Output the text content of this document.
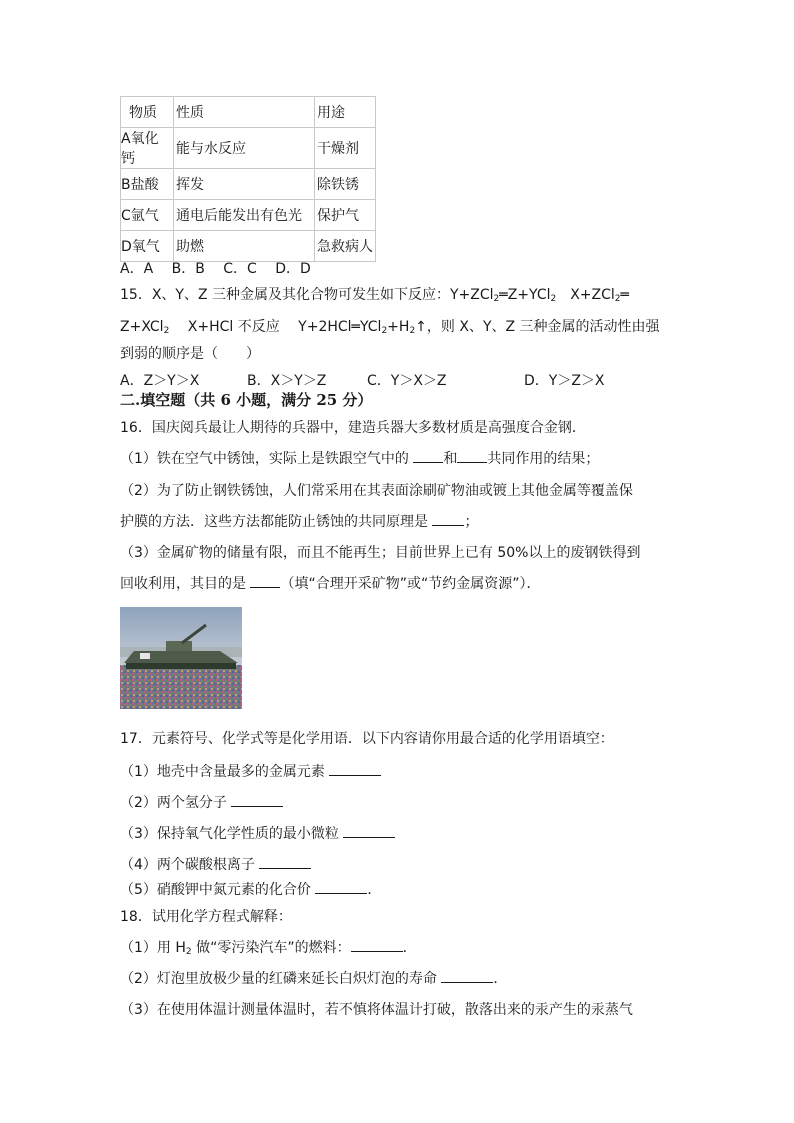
物质	性质	用途
A氧化钙	能与水反应	干燥剂
B盐酸	挥发	除铁锈
C氩气	通电后能发出有色光	保护气
D氧气	助燃	急救病人
A．A　 B．B　 C．C　 D．D
15．X、Y、Z 三种金属及其化合物可发生如下反应：Y+ZCl$_2$═Z+YCl$_2$　X+ZCl$_2$═
Z+XCl$_2$　 X+HCl 不反应　 $Y+2HCl═YCl_2+H_2↑$，则 X、Y、Z 三种金属的活动性由强
到弱的顺序是（　　）
A．Z＞Y＞X	B．X＞Y＞Z	C．Y＞X＞Z	D．Y＞Z＞X
二.填空题（共 6 小题，满分 25 分）
16．国庆阅兵最让人期待的兵器中，建造兵器大多数材质是高强度合金钢．
（1）铁在空气中锈蚀，实际上是铁跟空气中的 和 共同作用的结果；
（2）为了防止钢铁锈蚀，人们常采用在其表面涂刷矿物油或镀上其他金属等覆盖保
护膜的方法．这些方法都能防止锈蚀的共同原理是 ；
（3）金属矿物的储量有限，而且不能再生；目前世界上已有 50%以上的废钢铁得到
回收利用，其目的是 （填“合理开采矿物”或“节约金属资源”）．
17．元素符号、化学式等是化学用语．以下内容请你用最合适的化学用语填空：
（1）地壳中含量最多的金属元素
（2）两个氢分子
（3）保持氧气化学性质的最小微粒
（4）两个碳酸根离子
（5）硝酸钾中氮元素的化合价	．
18．试用化学方程式解释：
（1）用 $H_2$ 做“零污染汽车”的燃料：	．
（2）灯泡里放极少量的红磷来延长白炽灯泡的寿命	．
（3）在使用体温计测量体温时，若不慎将体温计打破，散落出来的汞产生的汞蒸气
